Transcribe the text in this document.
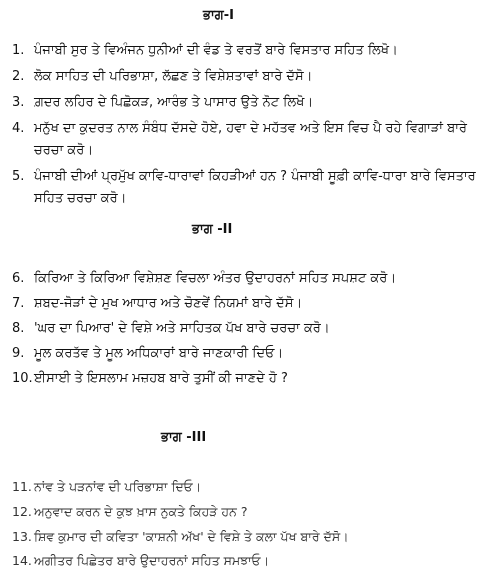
ਭਾਗ-I
1. ਪੰਜਾਬੀ ਸੁਰ ਤੇ ਵਿਅੰਜਨ ਧੁਨੀਆਂ ਦੀ ਵੰਡ ਤੇ ਵਰਤੋਂ ਬਾਰੇ ਵਿਸਤਾਰ ਸਹਿਤ ਲਿਖੋ।
2. ਲੋਕ ਸਾਹਿਤ ਦੀ ਪਰਿਭਾਸ਼ਾ, ਲੱਛਣ ਤੇ ਵਿਸ਼ੇਸ਼ਤਾਵਾਂ ਬਾਰੇ ਦੱਸੋ।
3. ਗ਼ਦਰ ਲਹਿਰ ਦੇ ਪਿਛੋਕੜ, ਆਰੰਭ ਤੇ ਪਾਸਾਰ ਉਤੇ ਨੋਟ ਲਿਖੋ।
4. ਮਨੁੱਖ ਦਾ ਕੁਦਰਤ ਨਾਲ ਸੰਬੰਧ ਦੱਸਦੇ ਹੋਏ, ਹਵਾ ਦੇ ਮਹੱਤਵ ਅਤੇ ਇਸ ਵਿਚ ਪੈ ਰਹੇ ਵਿਗਾੜਾਂ ਬਾਰੇ
ਚਰਚਾ ਕਰੋ।
5. ਪੰਜਾਬੀ ਦੀਆਂ ਪ੍ਰਮੁੱਖ ਕਾਵਿ-ਧਾਰਾਵਾਂ ਕਿਹੜੀਆਂ ਹਨ ? ਪੰਜਾਬੀ ਸੂਫ਼ੀ ਕਾਵਿ-ਧਾਰਾ ਬਾਰੇ ਵਿਸਤਾਰ
ਸਹਿਤ ਚਰਚਾ ਕਰੋ।
ਭਾਗ -II
6. ਕਿਰਿਆ ਤੇ ਕਿਰਿਆ ਵਿਸ਼ੇਸ਼ਣ ਵਿਚਲਾ ਅੰਤਰ ਉਦਾਹਰਨਾਂ ਸਹਿਤ ਸਪਸ਼ਟ ਕਰੋ।
7. ਸ਼ਬਦ-ਜੋੜਾਂ ਦੇ ਮੁਖ ਆਧਾਰ ਅਤੇ ਚੋਣਵੇਂ ਨਿਯਮਾਂ ਬਾਰੇ ਦੱਸੋ।
8. 'ਘਰ ਦਾ ਪਿਆਰ' ਦੇ ਵਿਸ਼ੇ ਅਤੇ ਸਾਹਿਤਕ ਪੱਖ ਬਾਰੇ ਚਰਚਾ ਕਰੋ।
9. ਮੂਲ ਕਰਤੱਵ ਤੇ ਮੂਲ ਅਧਿਕਾਰਾਂ ਬਾਰੇ ਜਾਣਕਾਰੀ ਦਿਓ।
10.ਈਸਾਈ ਤੇ ਇਸਲਾਮ ਮਜ਼ਹਬ ਬਾਰੇ ਤੁਸੀਂ ਕੀ ਜਾਣਦੇ ਹੋ ?
ਭਾਗ -III
11. ਨਾਂਵ ਤੇ ਪੜਨਾਂਵ ਦੀ ਪਰਿਭਾਸ਼ਾ ਦਿਓ।
12. ਅਨੁਵਾਦ ਕਰਨ ਦੇ ਕੁਝ ਖ਼ਾਸ ਨੁਕਤੇ ਕਿਹੜੇ ਹਨ ?
13. ਸ਼ਿਵ ਕੁਮਾਰ ਦੀ ਕਵਿਤਾ 'ਕਾਸ਼ਨੀ ਅੱਖ' ਦੇ ਵਿਸ਼ੇ ਤੇ ਕਲਾ ਪੱਖ ਬਾਰੇ ਦੱਸੋ।
14. ਅਗੀਤਰ ਪਿਛੇਤਰ ਬਾਰੇ ਉਦਾਹਰਨਾਂ ਸਹਿਤ ਸਮਝਾਓ।
